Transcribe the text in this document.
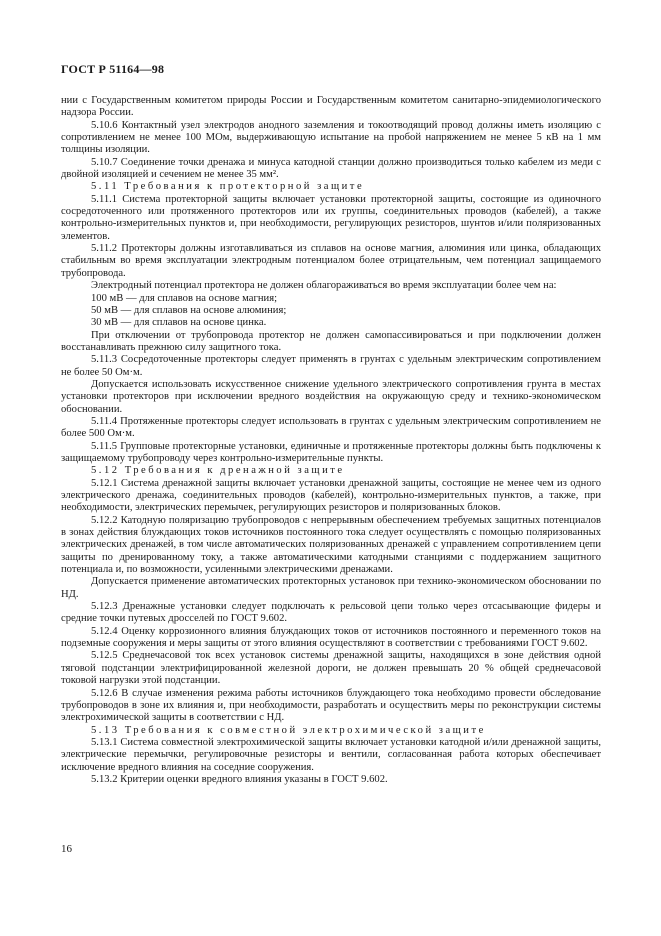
ГОСТ Р 51164—98

нии с Государственным комитетом природы России и Государственным комитетом санитарно-эпидемиологического надзора России.

5.10.6 Контактный узел электродов анодного заземления и токоотводящий провод должны иметь изоляцию с сопротивлением не менее 100 МОм, выдерживающую испытание на пробой напряжением не менее 5 кВ на 1 мм толщины изоляции.

5.10.7 Соединение точки дренажа и минуса катодной станции должно производиться только кабелем из меди с двойной изоляцией и сечением не менее 35 мм².

5.11 Требования к протекторной защите

5.11.1 Система протекторной защиты включает установки протекторной защиты, состоящие из одиночного сосредоточенного или протяженного протекторов или их группы, соединительных проводов (кабелей), а также контрольно-измерительных пунктов и, при необходимости, регулирующих резисторов, шунтов и/или поляризованных элементов.

5.11.2 Протекторы должны изготавливаться из сплавов на основе магния, алюминия или цинка, обладающих стабильным во время эксплуатации электродным потенциалом более отрицательным, чем потенциал защищаемого трубопровода.

Электродный потенциал протектора не должен облагораживаться во время эксплуатации более чем на:

100 мВ — для сплавов на основе магния;

50 мВ — для сплавов на основе алюминия;

30 мВ — для сплавов на основе цинка.

При отключении от трубопровода протектор не должен самопассивироваться и при подключении должен восстанавливать прежнюю силу защитного тока.

5.11.3 Сосредоточенные протекторы следует применять в грунтах с удельным электрическим сопротивлением не более 50 Ом·м.

Допускается использовать искусственное снижение удельного электрического сопротивления грунта в местах установки протекторов при исключении вредного воздействия на окружающую среду и технико-экономическом обосновании.

5.11.4 Протяженные протекторы следует использовать в грунтах с удельным электрическим сопротивлением не более 500 Ом·м.

5.11.5 Групповые протекторные установки, единичные и протяженные протекторы должны быть подключены к защищаемому трубопроводу через контрольно-измерительные пункты.

5.12 Требования к дренажной защите

5.12.1 Система дренажной защиты включает установки дренажной защиты, состоящие не менее чем из одного электрического дренажа, соединительных проводов (кабелей), контрольно-измерительных пунктов, а также, при необходимости, электрических перемычек, регулирующих резисторов и поляризованных блоков.

5.12.2 Катодную поляризацию трубопроводов с непрерывным обеспечением требуемых защитных потенциалов в зонах действия блуждающих токов источников постоянного тока следует осуществлять с помощью поляризованных электрических дренажей, в том числе автоматических поляризованных дренажей с управлением сопротивлением цепи защиты по дренированному току, а также автоматическими катодными станциями с поддержанием защитного потенциала и, по возможности, усиленными электрическими дренажами.

Допускается применение автоматических протекторных установок при технико-экономическом обосновании по НД.

5.12.3 Дренажные установки следует подключать к рельсовой цепи только через отсасывающие фидеры и средние точки путевых дросселей по ГОСТ 9.602.

5.12.4 Оценку коррозионного влияния блуждающих токов от источников постоянного и переменного токов на подземные сооружения и меры защиты от этого влияния осуществляют в соответствии с требованиями ГОСТ 9.602.

5.12.5 Среднечасовой ток всех установок системы дренажной защиты, находящихся в зоне действия одной тяговой подстанции электрифицированной железной дороги, не должен превышать 20 % общей среднечасовой токовой нагрузки этой подстанции.

5.12.6 В случае изменения режима работы источников блуждающего тока необходимо провести обследование трубопроводов в зоне их влияния и, при необходимости, разработать и осуществить меры по реконструкции системы электрохимической защиты в соответствии с НД.

5.13 Требования к совместной электрохимической защите

5.13.1 Система совместной электрохимической защиты включает установки катодной и/или дренажной защиты, электрические перемычки, регулировочные резисторы и вентили, согласованная работа которых обеспечивает исключение вредного влияния на соседние сооружения.

5.13.2 Критерии оценки вредного влияния указаны в ГОСТ 9.602.

16
